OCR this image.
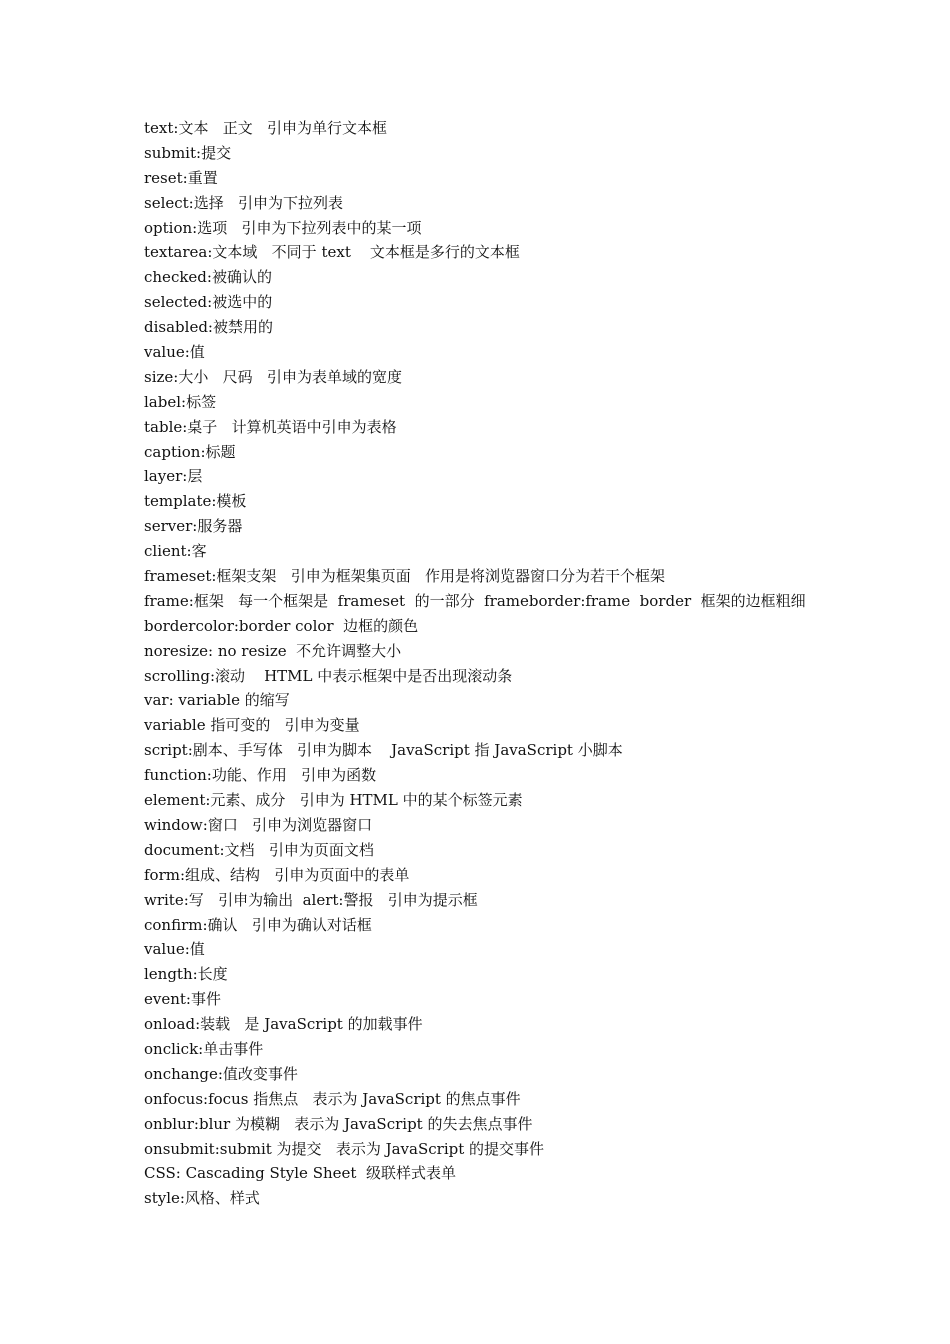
text:文本   正文   引申为单行文本框
submit:提交
reset:重置
select:选择   引申为下拉列表
option:选项   引申为下拉列表中的某一项
textarea:文本域   不同于 text    文本框是多行的文本框
checked:被确认的
selected:被选中的
disabled:被禁用的
value:值
size:大小   尺码   引申为表单域的宽度
label:标签
table:桌子   计算机英语中引申为表格
caption:标题
layer:层
template:模板
server:服务器
client:客
frameset:框架支架   引申为框架集页面   作用是将浏览器窗口分为若干个框架
frame:框架   每一个框架是  frameset  的一部分  frameborder:frame  border  框架的边框粗细
bordercolor:border color  边框的颜色
noresize: no resize  不允许调整大小
scrolling:滚动    HTML 中表示框架中是否出现滚动条
var: variable 的缩写
variable 指可变的   引申为变量
script:剧本、手写体   引申为脚本    JavaScript 指 JavaScript 小脚本
function:功能、作用   引申为函数
element:元素、成分   引申为 HTML 中的某个标签元素
window:窗口   引申为浏览器窗口
document:文档   引申为页面文档
form:组成、结构   引申为页面中的表单
write:写   引申为输出  alert:警报   引申为提示框
confirm:确认   引申为确认对话框
value:值
length:长度
event:事件
onload:装载   是 JavaScript 的加载事件
onclick:单击事件
onchange:值改变事件
onfocus:focus 指焦点   表示为 JavaScript 的焦点事件
onblur:blur 为模糊   表示为 JavaScript 的失去焦点事件
onsubmit:submit 为提交   表示为 JavaScript 的提交事件
CSS: Cascading Style Sheet  级联样式表单
style:风格、样式
